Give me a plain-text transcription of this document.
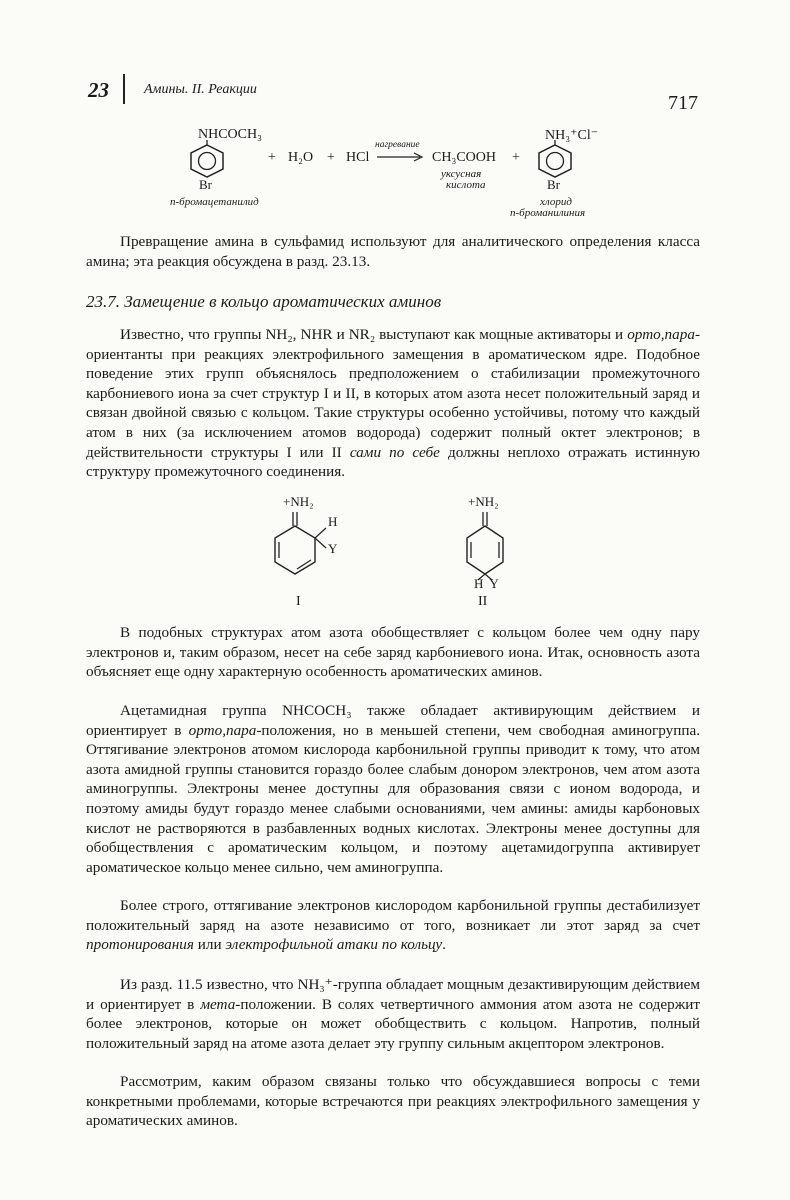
23	Амины. II. Реакции
717
NHCOCH₃
Br
n-бромацетанилид
+ H₂O + HCl
нагревание
→ CH₃COOH
уксусная
кислота
+
NH₃⁺Cl⁻
Br
хлорид
n-броманилиния

Превращение амина в сульфамид используют для аналитического определения класса амина; эта реакция обсуждена в разд. 23.13.

23.7. Замещение в кольцо ароматических аминов

Известно, что группы NH₂, NHR и NR₂ выступают как мощные активаторы и орто,пара-ориентанты при реакциях электрофильного замещения в ароматическом ядре. Подобное поведение этих групп объяснялось предположением о стабилизации промежуточного карбониевого иона за счет структур I и II, в которых атом азота несет положительный заряд и связан двойной связью с кольцом. Такие структуры особенно устойчивы, потому что каждый атом в них (за исключением атомов водорода) содержит полный октет электронов; в действительности структуры I или II сами по себе должны неплохо отражать истинную структуру промежуточного соединения.

+NH₂
H
Y
I
+NH₂
H  Y
II

В подобных структурах атом азота обобществляет с кольцом более чем одну пару электронов и, таким образом, несет на себе заряд карбониевого иона. Итак, основность азота объясняет еще одну характерную особенность ароматических аминов.

Ацетамидная группа NHCOCH₃ также обладает активирующим действием и ориентирует в орто,пара-положения, но в меньшей степени, чем свободная аминогруппа. Оттягивание электронов атомом кислорода карбонильной группы приводит к тому, что атом азота амидной группы становится гораздо более слабым донором электронов, чем атом азота аминогруппы. Электроны менее доступны для образования связи с ионом водорода, и поэтому амиды будут гораздо менее слабыми основаниями, чем амины: амиды карбоновых кислот не растворяются в разбавленных водных кислотах. Электроны менее доступны для обобществления с ароматическим кольцом, и поэтому ацетамидогруппа активирует ароматическое кольцо менее сильно, чем аминогруппа.

Более строго, оттягивание электронов кислородом карбонильной группы дестабилизует положительный заряд на азоте независимо от того, возникает ли этот заряд за счет протонирования или электрофильной атаки по кольцу.

Из разд. 11.5 известно, что NH₃⁺-группа обладает мощным дезактивирующим действием и ориентирует в мета-положении. В солях четвертичного аммония атом азота не содержит более электронов, которые он может обобществить с кольцом. Напротив, полный положительный заряд на атоме азота делает эту группу сильным акцептором электронов.

Рассмотрим, каким образом связаны только что обсуждавшиеся вопросы с теми конкретными проблемами, которые встречаются при реакциях электрофильного замещения у ароматических аминов.
